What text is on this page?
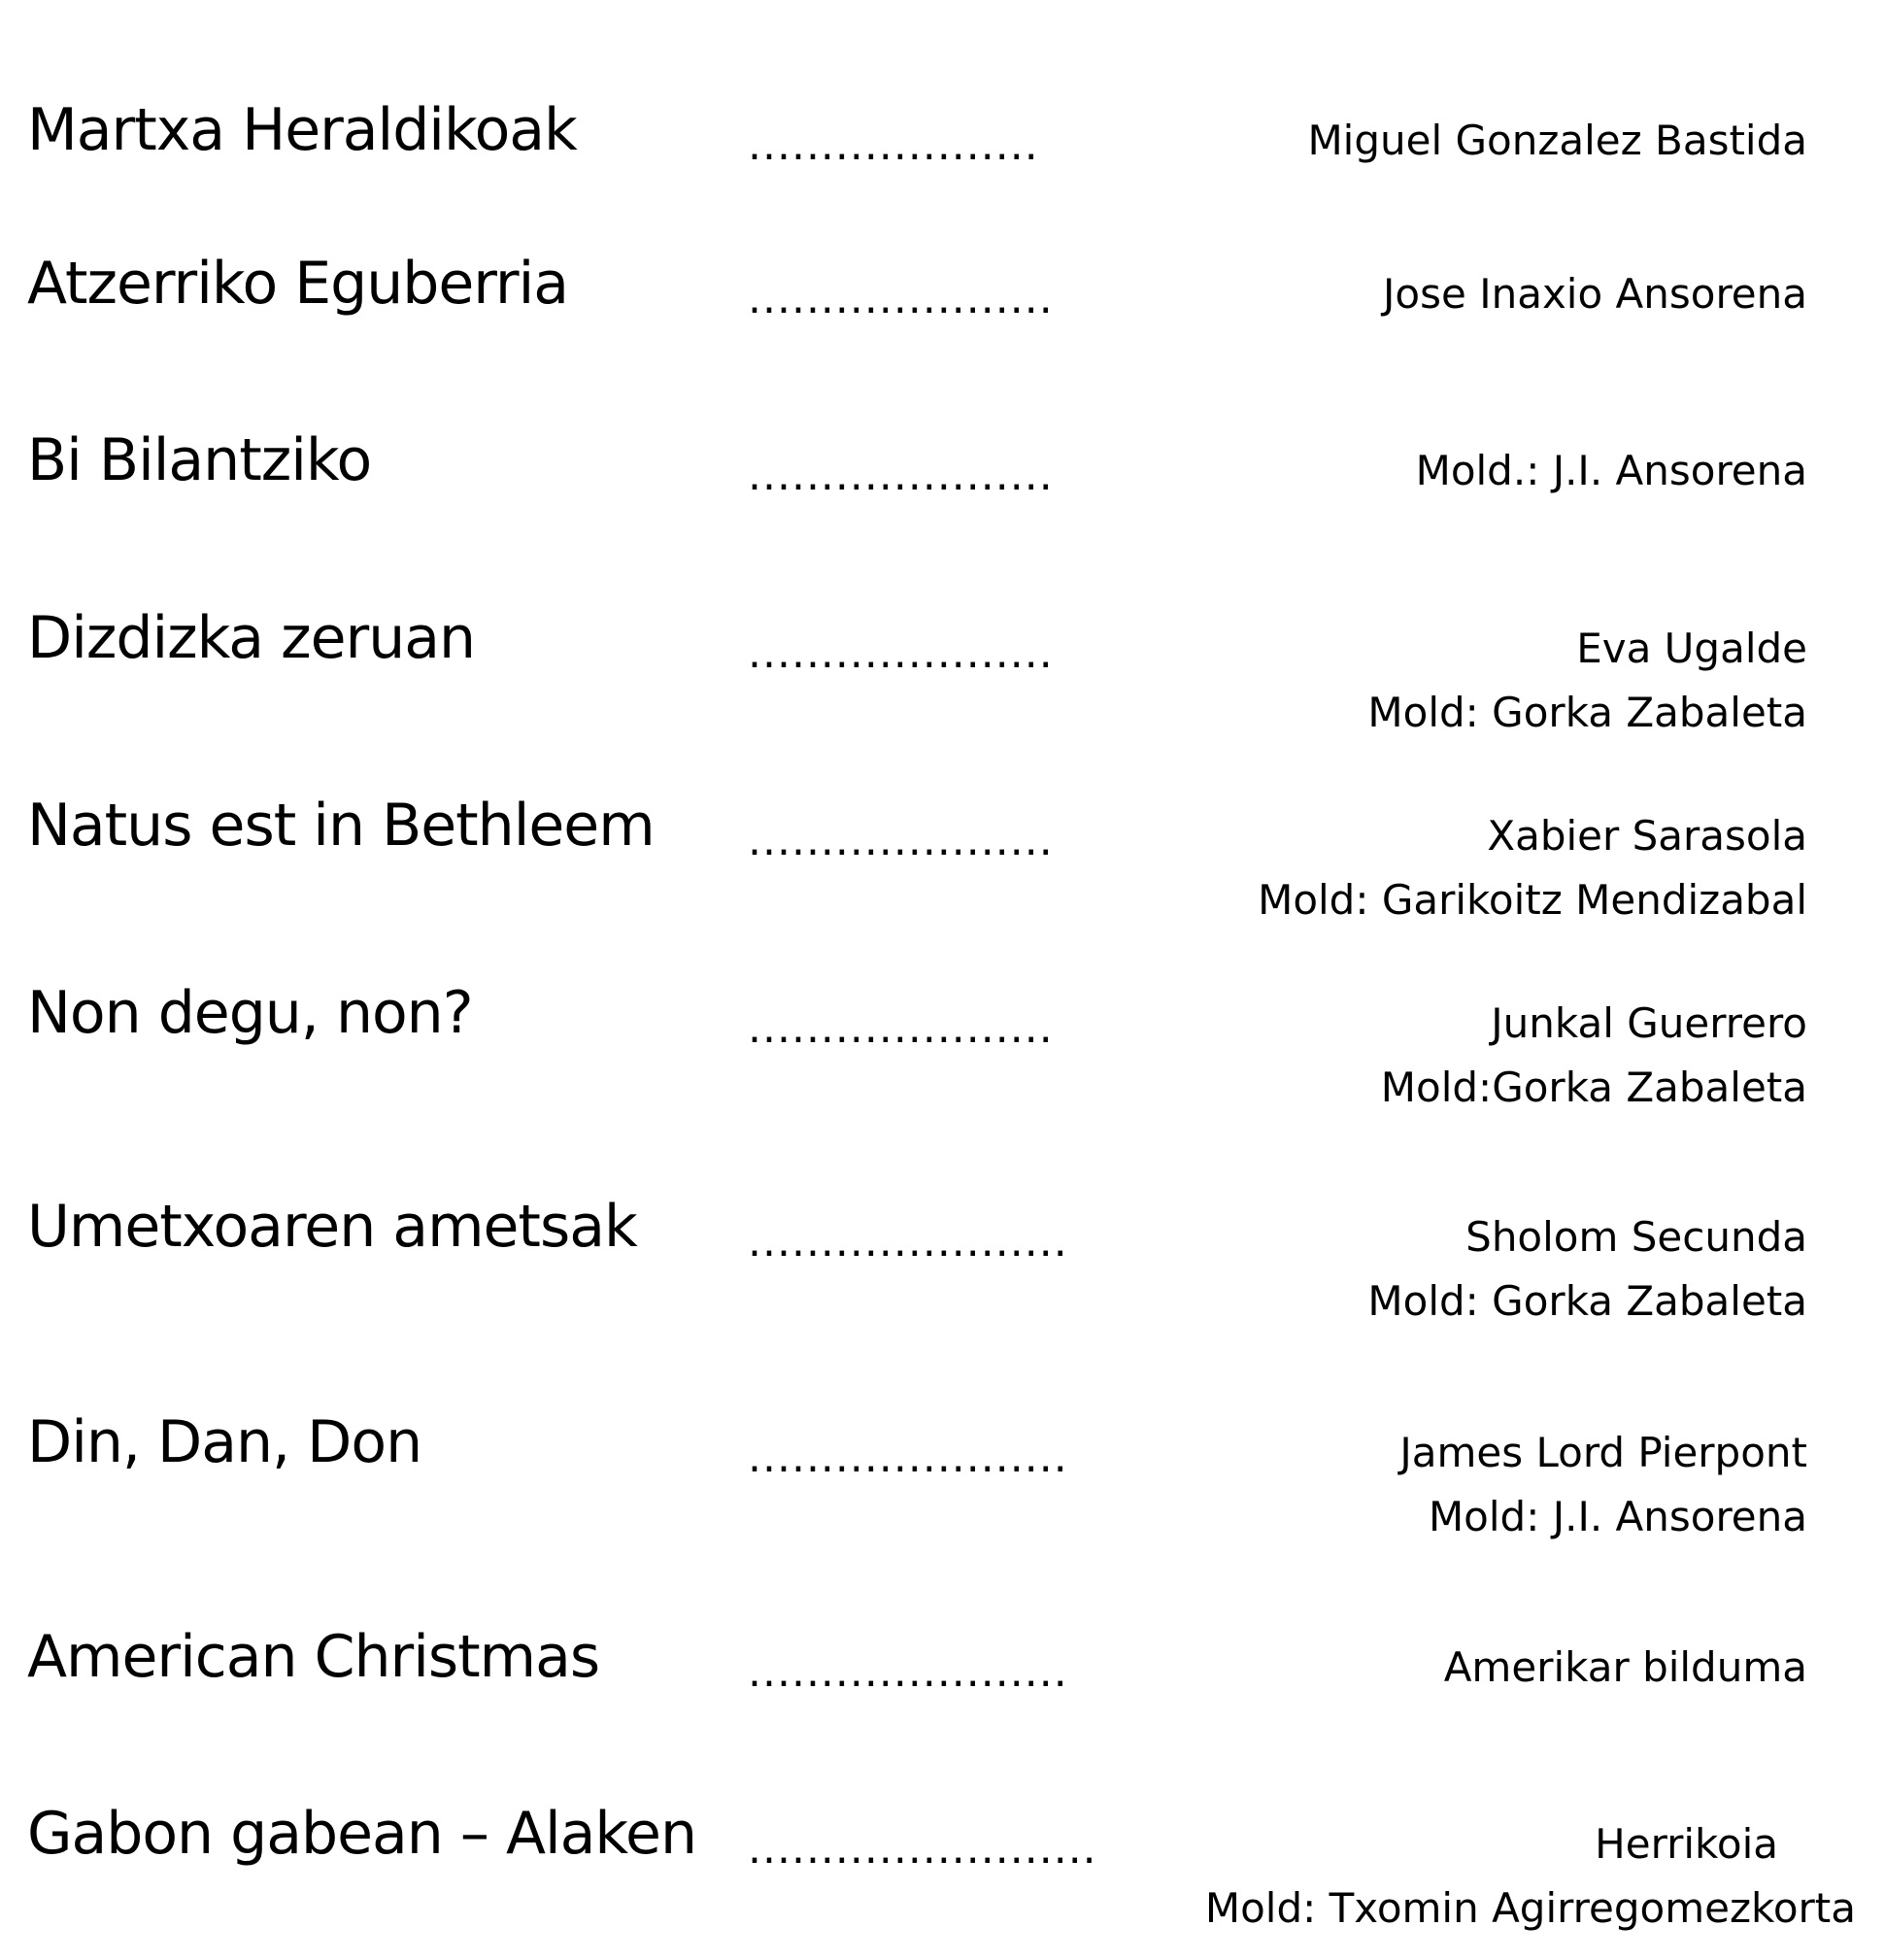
Martxa Heraldikoak	....................	Miguel Gonzalez Bastida
Atzerriko Eguberria	.....................	Jose Inaxio Ansorena
Bi Bilantziko	.....................	Mold.: J.I. Ansorena
Dizdizka zeruan	.....................	Eva Ugalde
Mold: Gorka Zabaleta
Natus est in Bethleem .....................	Xabier Sarasola
Mold: Garikoitz Mendizabal
Non degu, non?	.....................	Junkal Guerrero
Mold:Gorka Zabaleta
Umetxoaren ametsak	......................	Sholom Secunda
Mold: Gorka Zabaleta
Din, Dan, Don	......................	James Lord Pierpont
Mold: J.I. Ansorena
American Christmas	......................	Amerikar bilduma
Gabon gabean – Alaken ........................	Herrikoia
Mold: Txomin Agirregomezkorta
